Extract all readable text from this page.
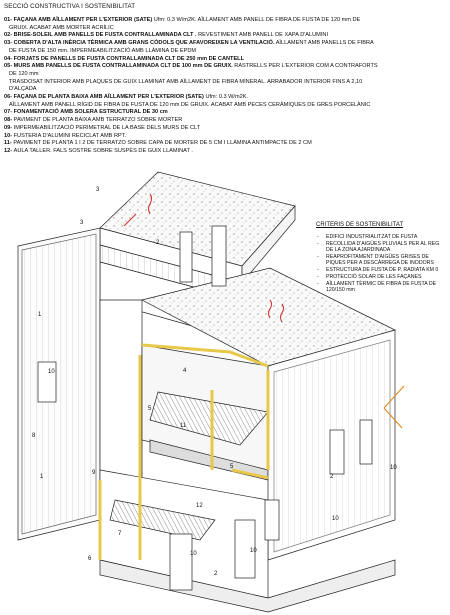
SECCIÓ CONSTRUCTIVA I SOSTENIBILITAT
01- FAÇANA AMB AÏLLAMENT PER L'EXTERIOR (SATE) Ufm: 0.3 W/m2K. AÏLLAMENT AMB PANELL DE FIBRA DE FUSTA DE 120 mm DE
GRUIX. ACABAT AMB MORTER ACRÍLIC
02- BRISE-SOLEIL AMB PANELLS DE FUSTA CONTRALLAMINADA CLT . REVESTIMENT AMB PANELL DE XAPA D'ALUMINI
03- COBERTA D'ALTA INÈRCIA TÈRMICA AMB GRANS CÒDOLS QUE AFAVOREIXEN LA VENTILACIÓ. AÏLLAMENT AMB PANELLS DE FIBRA
DE FUSTA DE 150 mm. IMPERMEABILITZACIÓ AMB LLÀMINA DE EPDM
04- FORJATS DE PANELLS DE FUSTA CONTRALLAMINADA CLT DE 250 mm DE CANTELL
05- MURS AMB PANELLS DE FUSTA CONTRALLAMINADA CLT DE 100 mm DE GRUIX. RASTRELLS PER L'EXTERIOR COM A CONTRAFORTS
DE 120 mm
TRASDOSAT INTERIOR AMB PLAQUES DE GUIX LLAMINAT AMB AÏLLAMENT DE FIBRA MINERAL. ARRABADOR INTERIOR FINS A 2,10
D'ALÇADA
06- FAÇANA DE PLANTA BAIXA AMB AÏLLAMENT PER L'EXTERIOR (SATE) Ufm: 0.3 W/m2K.
AÏLLAMENT AMB PANELL RÍGID DE FIBRA DE FUSTA DE 120 mm DE GRUIX. ACABAT AMB PECES CERÀMIQUES DE GRES PORCELÀNIC
07- FONAMENTACIÓ AMB SOLERA ESTRUCTURAL DE 30 cm
08- PAVIMENT DE PLANTA BAIXA AMB TERRATZO SOBRE MORTER
09- IMPERMEABILITZACIÓ PERIMETRAL DE LA BASE DELS MURS DE CLT
10- FUSTERIA D'ALUMINI RECICLAT AMB RPT.
11- PAVIMENT DE PLANTA 1 I 2 DE TERRATZO SOBRE CAPA DE MORTER DE 5 CM I LLÀMINA ANTIMPACTE DE 2 CM
12- AULA TALLER. FALS SOSTRE SOBRE SUSPÈS DE GUIX LLAMINAT .
3
2
1
1
3
10	4
5
11
5
2
8
7
6
10	10
12
9
10
10
2
CRITERIS DE SOSTENIBILITAT
- EDIFICI INDUSTRIALITZAT DE FUSTA
- RECOLLIDA D'AIGÜES PLUVIALS PER AL REG DE LA ZONA AJARDINADA
- REAPROFITAMENT D'AIGÜES GRISES DE PIQUES PER A DESCÀRREGA DE INODORS
- ESTRUCTURA DE FUSTA DE P. RADIATA KM 0
- PROTECCIÓ SOLAR DE LES FAÇANES
- AÏLLAMENT TÈRMIC DE FIBRA DE FUSTA DE 120/150 mm
